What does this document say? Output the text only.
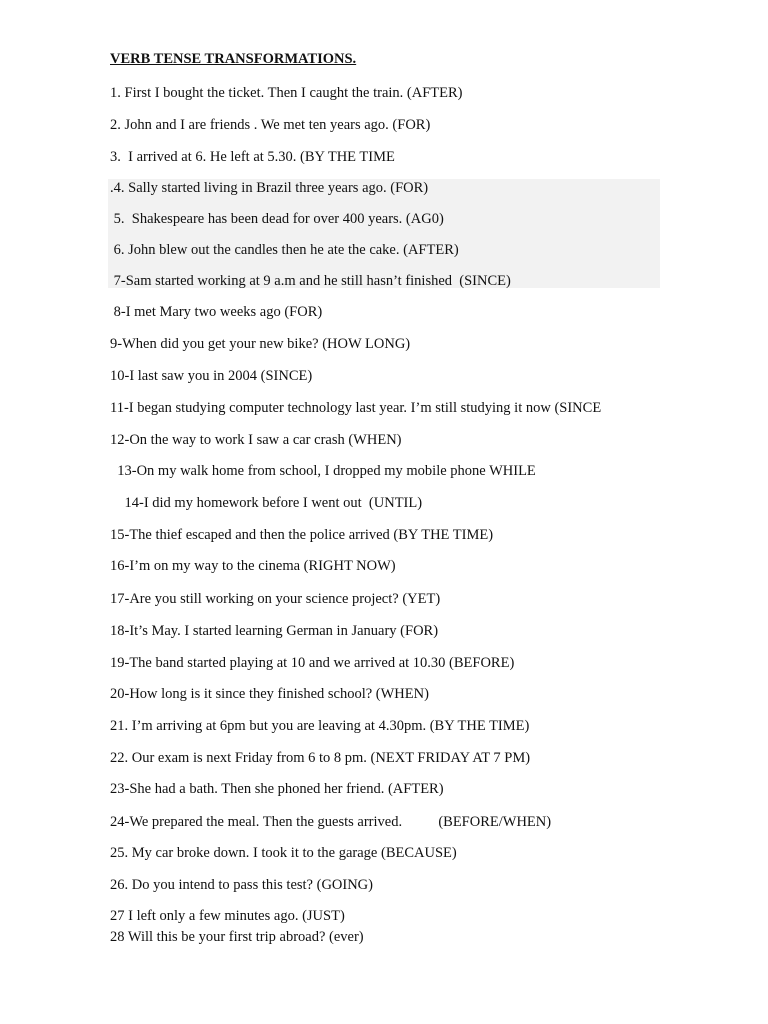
VERB TENSE TRANSFORMATIONS.
1. First I bought the ticket. Then I caught the train. (AFTER)
2. John and I are friends . We met ten years ago. (FOR)
3.  I arrived at 6. He left at 5.30. (BY THE TIME
.4. Sally started living in Brazil three years ago. (FOR)
5.  Shakespeare has been dead for over 400 years. (AG0)
6. John blew out the candles then he ate the cake. (AFTER)
7-Sam started working at 9 a.m and he still hasn’t finished  (SINCE)
8-I met Mary two weeks ago (FOR)
9-When did you get your new bike? (HOW LONG)
10-I last saw you in 2004 (SINCE)
11-I began studying computer technology last year. I’m still studying it now (SINCE
12-On the way to work I saw a car crash (WHEN)
13-On my walk home from school, I dropped my mobile phone WHILE
14-I did my homework before I went out  (UNTIL)
15-The thief escaped and then the police arrived (BY THE TIME)
16-I’m on my way to the cinema (RIGHT NOW)
17-Are you still working on your science project? (YET)
18-It’s May. I started learning German in January (FOR)
19-The band started playing at 10 and we arrived at 10.30 (BEFORE)
20-How long is it since they finished school? (WHEN)
21. I’m arriving at 6pm but you are leaving at 4.30pm. (BY THE TIME)
22. Our exam is next Friday from 6 to 8 pm. (NEXT FRIDAY AT 7 PM)
23-She had a bath. Then she phoned her friend. (AFTER)
24-We prepared the meal. Then the guests arrived.          (BEFORE/WHEN)
25. My car broke down. I took it to the garage (BECAUSE)
26. Do you intend to pass this test? (GOING)
27 I left only a few minutes ago. (JUST)
28 Will this be your first trip abroad? (ever)
